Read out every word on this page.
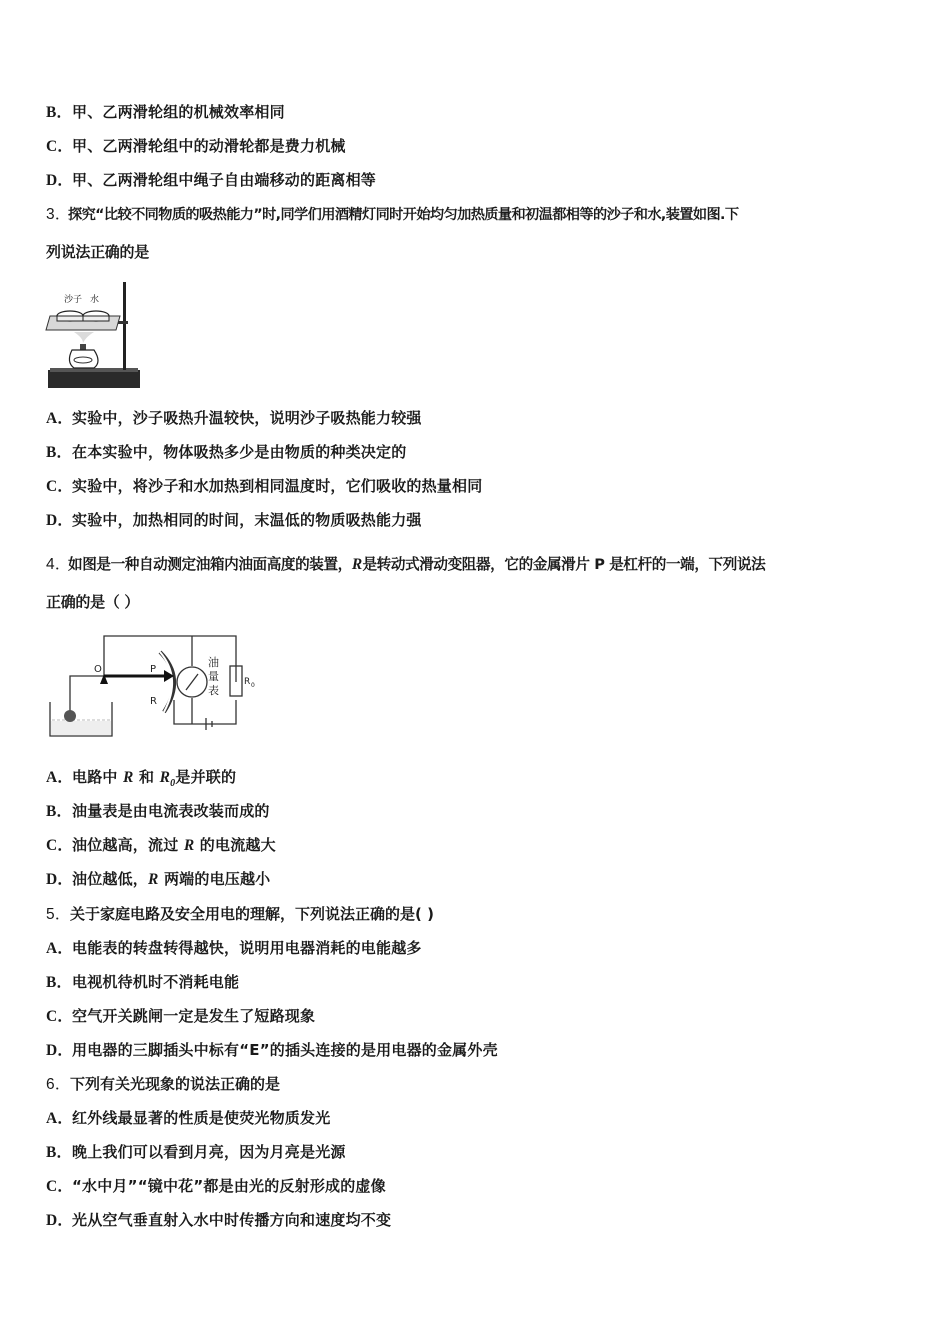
B．甲、乙两滑轮组的机械效率相同
C．甲、乙两滑轮组中的动滑轮都是费力机械
D．甲、乙两滑轮组中绳子自由端移动的距离相等
3．探究“比较不同物质的吸热能力”时,同学们用酒精灯同时开始均匀加热质量和初温都相等的沙子和水,装置如图.下
列说法正确的是
沙子 水
A．实验中，沙子吸热升温较快，说明沙子吸热能力较强
B．在本实验中，物体吸热多少是由物质的种类决定的
C．实验中，将沙子和水加热到相同温度时，它们吸收的热量相同
D．实验中，加热相同的时间，末温低的物质吸热能力强
4．如图是一种自动测定油箱内油面高度的装置，R是转动式滑动变阻器，它的金属滑片 P 是杠杆的一端，下列说法
正确的是（ ）
O	P
R
油
量
表
R 0
A．电路中 R 和 $R_0$是并联的
B．油量表是由电流表改装而成的
C．油位越高，流过 R 的电流越大
D．油位越低，R 两端的电压越小
5．关于家庭电路及安全用电的理解，下列说法正确的是( )
A．电能表的转盘转得越快，说明用电器消耗的电能越多
B．电视机待机时不消耗电能
C．空气开关跳闸一定是发生了短路现象
D．用电器的三脚插头中标有“E”的插头连接的是用电器的金属外壳
6．下列有关光现象的说法正确的是
A．红外线最显著的性质是使荧光物质发光
B．晚上我们可以看到月亮，因为月亮是光源
C．“水中月”“镜中花”都是由光的反射形成的虚像
D．光从空气垂直射入水中时传播方向和速度均不变
